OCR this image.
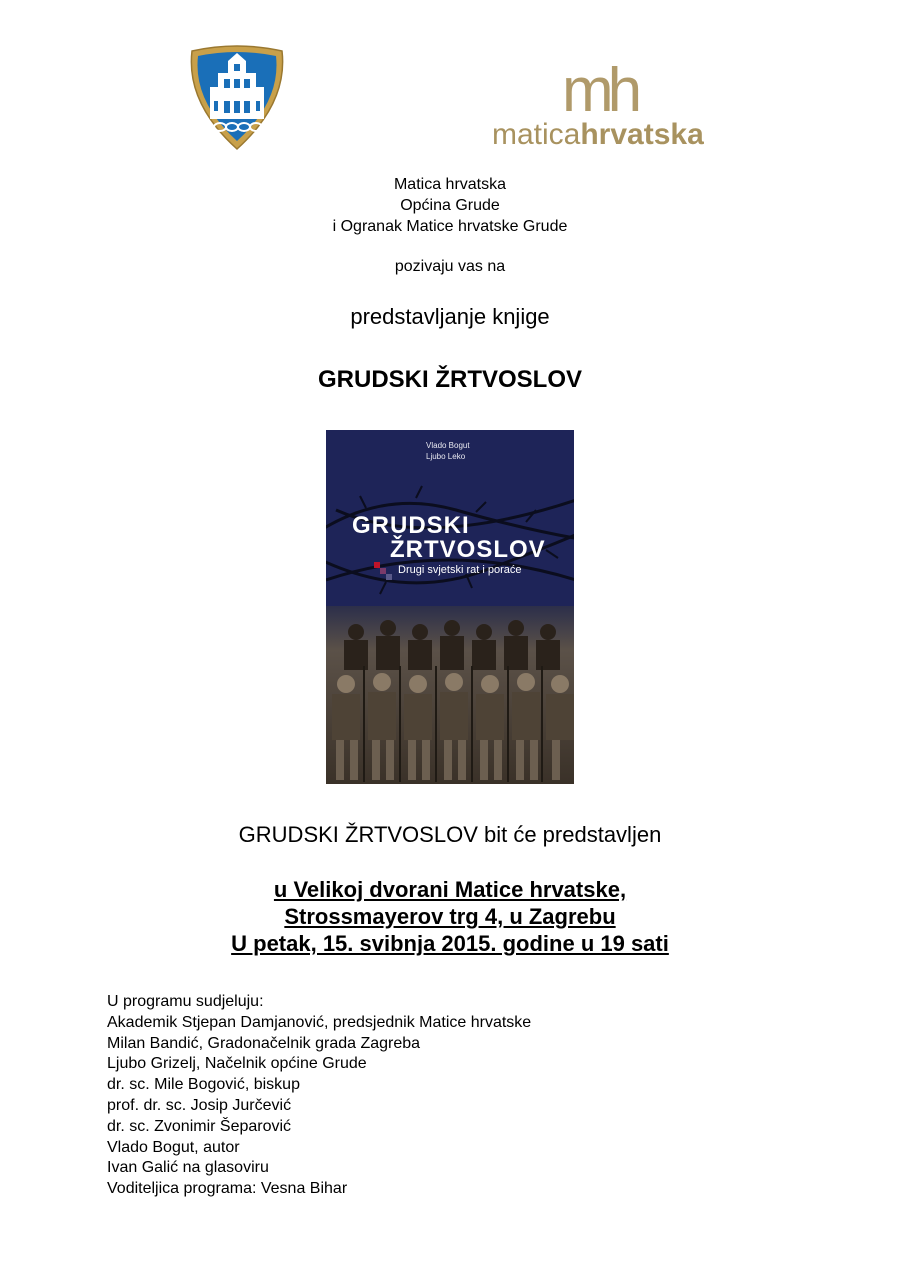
mh
maticahrvatska
Matica hrvatska
Općina Grude
i Ogranak Matice hrvatske Grude
pozivaju vas na
predstavljanje knjige
GRUDSKI ŽRTVOSLOV
Vlado Bogut
Ljubo Leko
GRUDSKI
ŽRTVOSLOV
Drugi svjetski rat i poraće
GRUDSKI ŽRTVOSLOV bit će predstavljen
u Velikoj dvorani Matice hrvatske,
Strossmayerov trg 4, u Zagrebu
U petak, 15. svibnja 2015. godine u 19 sati
U programu sudjeluju:
Akademik Stjepan Damjanović, predsjednik Matice hrvatske
Milan Bandić, Gradonačelnik grada Zagreba
Ljubo Grizelj, Načelnik općine Grude
dr. sc. Mile Bogović, biskup
prof. dr. sc. Josip Jurčević
dr. sc. Zvonimir Šeparović
Vlado Bogut, autor
Ivan Galić na glasoviru
Voditeljica programa: Vesna Bihar
